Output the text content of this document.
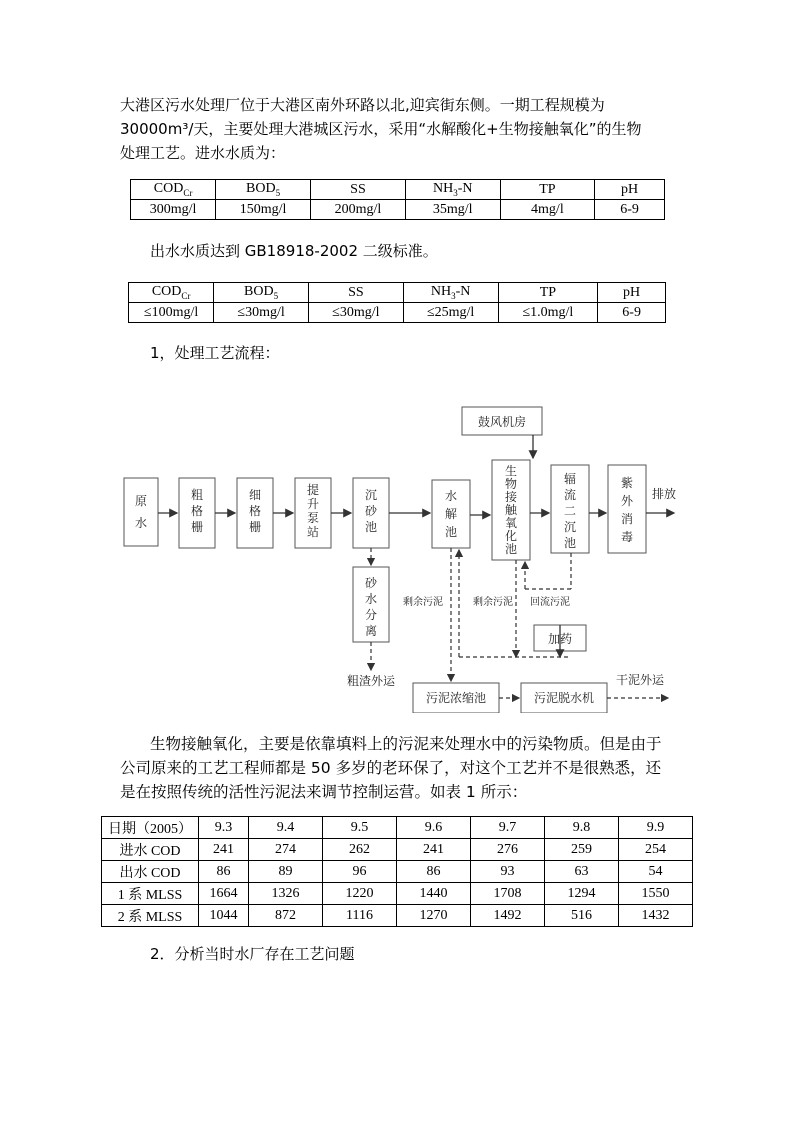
大港区污水处理厂位于大港区南外环路以北,迎宾街东侧。一期工程规模为
30000m³/天，主要处理大港城区污水，采用“水解酸化+生物接触氧化”的生物
处理工艺。进水水质为：
$COD_{Cr}$	$BOD_5$	SS	$NH_3-N$	TP	pH
300mg/l	150mg/l	200mg/l	35mg/l	4mg/l	6-9
出水水质达到 GB18918-2002 二级标准。
$COD_{Cr}$	$BOD_5$	SS	$NH_3-N$	TP	pH
≤100mg/l	≤30mg/l	≤30mg/l	≤25mg/l	≤1.0mg/l	6-9
1，处理工艺流程：
原
水
粗
格
栅
细
格
栅
提
升
泵
站
沉
砂
池
水
解
池
生
物
接
触
氧
化
池
辐
流
二
沉
池
紫
外
消
毒
排放
鼓风机房
砂
水
分
离
粗渣外运
加药
污泥浓缩池	污泥脱水机
干泥外运
剩余污泥	剩余污泥 回流污泥
生物接触氧化，主要是依靠填料上的污泥来处理水中的污染物质。但是由于
公司原来的工艺工程师都是 50 多岁的老环保了，对这个工艺并不是很熟悉，还
是在按照传统的活性污泥法来调节控制运营。如表 1 所示：
日期（2005）	9.3	9.4	9.5	9.6	9.7	9.8	9.9
进水 COD	241	274	262	241	276	259	254
出水 COD	86	89	96	86	93	63	54
1 系 MLSS	1664	1326	1220	1440	1708	1294	1550
2 系 MLSS	1044	872	1116	1270	1492	516	1432
2．分析当时水厂存在工艺问题
